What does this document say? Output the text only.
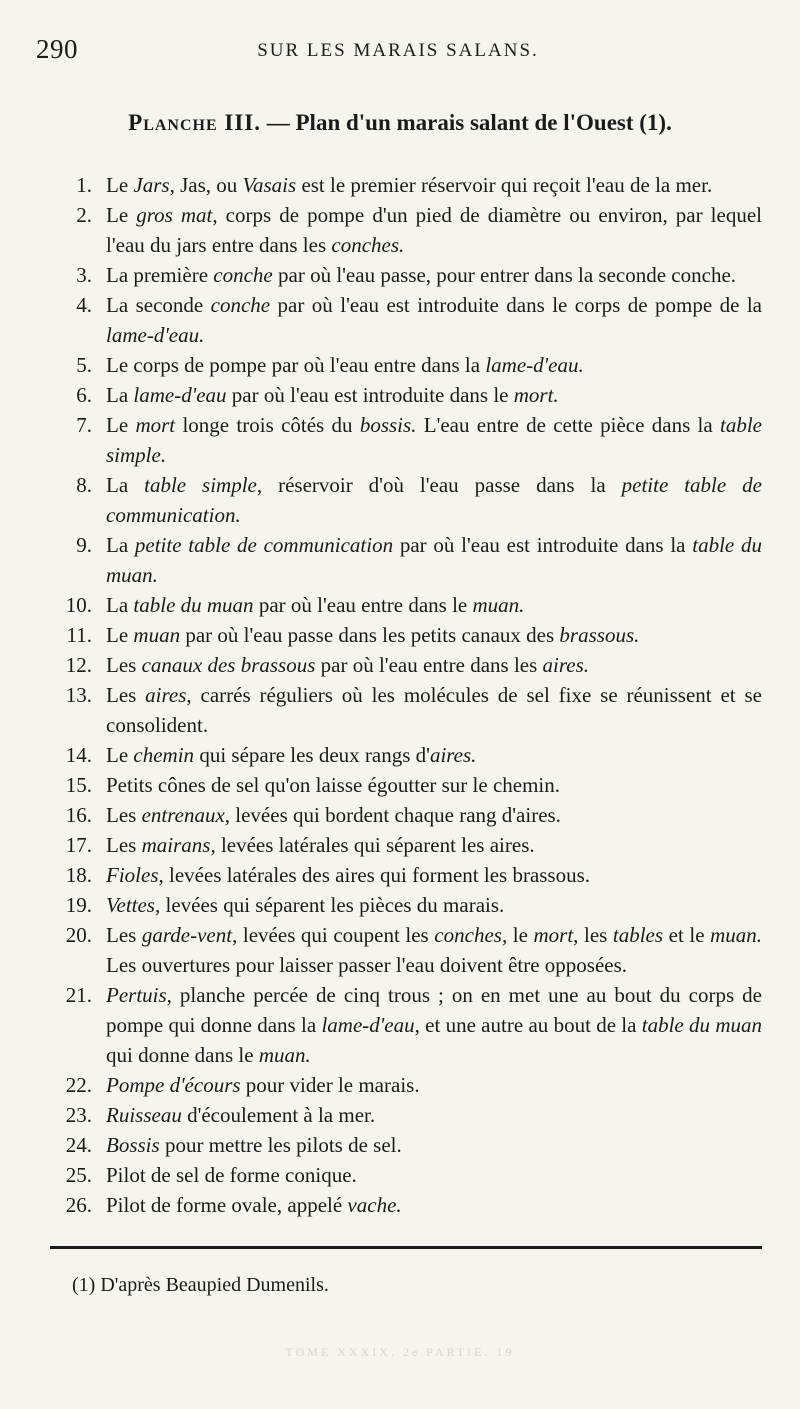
290	SUR LES MARAIS SALANS.
Planche III. — Plan d'un marais salant de l'Ouest (1).
1. Le Jars, Jas, ou Vasais est le premier réservoir qui reçoit l'eau de la mer.
2. Le gros mat, corps de pompe d'un pied de diamètre ou environ, par lequel l'eau du jars entre dans les conches.
3. La première conche par où l'eau passe, pour entrer dans la seconde conche.
4. La seconde conche par où l'eau est introduite dans le corps de pompe de la lame-d'eau.
5. Le corps de pompe par où l'eau entre dans la lame-d'eau.
6. La lame-d'eau par où l'eau est introduite dans le mort.
7. Le mort longe trois côtés du bossis. L'eau entre de cette pièce dans la table simple.
8. La table simple, réservoir d'où l'eau passe dans la petite table de communication.
9. La petite table de communication par où l'eau est introduite dans la table du muan.
10. La table du muan par où l'eau entre dans le muan.
11. Le muan par où l'eau passe dans les petits canaux des brassous.
12. Les canaux des brassous par où l'eau entre dans les aires.
13. Les aires, carrés réguliers où les molécules de sel fixe se réunissent et se consolident.
14. Le chemin qui sépare les deux rangs d'aires.
15. Petits cônes de sel qu'on laisse égoutter sur le chemin.
16. Les entrenaux, levées qui bordent chaque rang d'aires.
17. Les mairans, levées latérales qui séparent les aires.
18. Fioles, levées latérales des aires qui forment les brassous.
19. Vettes, levées qui séparent les pièces du marais.
20. Les garde-vent, levées qui coupent les conches, le mort, les tables et le muan. Les ouvertures pour laisser passer l'eau doivent être opposées.
21. Pertuis, planche percée de cinq trous ; on en met une au bout du corps de pompe qui donne dans la lame-d'eau, et une autre au bout de la table du muan qui donne dans le muan.
22. Pompe d'écours pour vider le marais.
23. Ruisseau d'écoulement à la mer.
24. Bossis pour mettre les pilots de sel.
25. Pilot de sel de forme conique.
26. Pilot de forme ovale, appelé vache.
(1) D'après Beaupied Dumenils.
TOME XXXIX. 2e PARTIE. 19
